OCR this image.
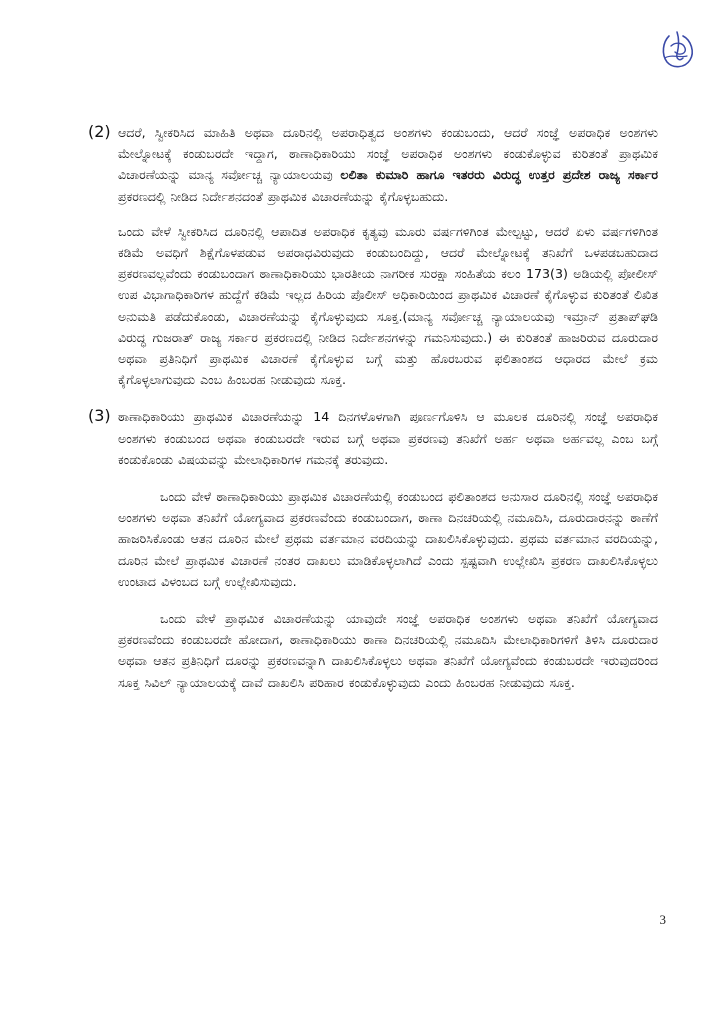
(2) ಆದರೆ, ಸ್ವೀಕರಿಸಿದ ಮಾಹಿತಿ ಅಥವಾ ದೂರಿನಲ್ಲಿ ಅಪರಾಧಿತ್ವದ ಅಂಶಗಳು ಕಂಡುಬಂದು, ಆದರೆ ಸಂಜ್ಞೆ ಅಪರಾಧಿಕ ಅಂಶಗಳು ಮೇಲ್ನೋಟಕ್ಕೆ ಕಂಡುಬರದೇ ಇದ್ದಾಗ, ಠಾಣಾಧಿಕಾರಿಯು ಸಂಜ್ಞೆ ಅಪರಾಧಿಕ ಅಂಶಗಳು ಕಂಡುಕೊಳ್ಳುವ ಕುರಿತಂತೆ ಪ್ರಾಥಮಿಕ ವಿಚಾರಣೆಯನ್ನು ಮಾನ್ಯ ಸರ್ವೋಚ್ಚ ನ್ಯಾಯಾಲಯವು ಲಲಿತಾ ಕುಮಾರಿ ಹಾಗೂ ಇತರರು ವಿರುದ್ಧ ಉತ್ತರ ಪ್ರದೇಶ ರಾಜ್ಯ ಸರ್ಕಾರ ಪ್ರಕರಣದಲ್ಲಿ ನೀಡಿದ ನಿರ್ದೇಶನದಂತೆ ಪ್ರಾಥಮಿಕ ವಿಚಾರಣೆಯನ್ನು ಕೈಗೊಳ್ಳಬಹುದು.

ಒಂದು ವೇಳೆ ಸ್ವೀಕರಿಸಿದ ದೂರಿನಲ್ಲಿ ಆಪಾದಿತ ಅಪರಾಧಿಕ ಕೃತ್ಯವು ಮೂರು ವರ್ಷಗಳಿಗಿಂತ ಮೇಲ್ಪಟ್ಟು, ಆದರೆ ಏಳು ವರ್ಷಗಳಿಗಿಂತ ಕಡಿಮೆ ಅವಧಿಗೆ ಶಿಕ್ಷೆಗೊಳಪಡುವ ಅಪರಾಧವಿರುವುದು ಕಂಡುಬಂದಿದ್ದು, ಆದರೆ ಮೇಲ್ನೋಟಕ್ಕೆ ತನಿಖೆಗೆ ಒಳಪಡಬಹುದಾದ ಪ್ರಕರಣವಲ್ಲವೆಂದು ಕಂಡುಬಂದಾಗ ಠಾಣಾಧಿಕಾರಿಯು ಭಾರತೀಯ ನಾಗರೀಕ ಸುರಕ್ಷಾ ಸಂಹಿತೆಯ ಕಲಂ 173(3) ಅಡಿಯಲ್ಲಿ ಪೋಲೀಸ್ ಉಪ ವಿಭಾಗಾಧಿಕಾರಿಗಳ ಹುದ್ದೆಗೆ ಕಡಿಮೆ ಇಲ್ಲದ ಹಿರಿಯ ಪೊಲೀಸ್ ಅಧಿಕಾರಿಯಿಂದ ಪ್ರಾಥಮಿಕ ವಿಚಾರಣೆ ಕೈಗೊಳ್ಳುವ ಕುರಿತಂತೆ ಲಿಖಿತ ಅನುಮತಿ ಪಡೆದುಕೊಂಡು, ವಿಚಾರಣೆಯನ್ನು ಕೈಗೊಳ್ಳುವುದು ಸೂಕ್ತ.(ಮಾನ್ಯ ಸರ್ವೋಚ್ಚ ನ್ಯಾಯಾಲಯವು ಇಮ್ರಾನ್ ಪ್ರತಾಪ್‌ಘಡಿ ವಿರುದ್ಧ ಗುಜರಾತ್ ರಾಜ್ಯ ಸರ್ಕಾರ ಪ್ರಕರಣದಲ್ಲಿ ನೀಡಿದ ನಿರ್ದೇಶನಗಳನ್ನು ಗಮನಿಸುವುದು.) ಈ ಕುರಿತಂತೆ ಹಾಜರಿರುವ ದೂರುದಾರ ಅಥವಾ ಪ್ರತಿನಿಧಿಗೆ ಪ್ರಾಥಮಿಕ ವಿಚಾರಣೆ ಕೈಗೊಳ್ಳುವ ಬಗ್ಗೆ ಮತ್ತು ಹೊರಬರುವ ಫಲಿತಾಂಶದ ಆಧಾರದ ಮೇಲೆ ಕ್ರಮ ಕೈಗೊಳ್ಳಲಾಗುವುದು ಎಂಬ ಹಿಂಬರಹ ನೀಡುವುದು ಸೂಕ್ತ.

(3) ಠಾಣಾಧಿಕಾರಿಯು ಪ್ರಾಥಮಿಕ ವಿಚಾರಣೆಯನ್ನು 14 ದಿನಗಳೊಳಗಾಗಿ ಪೂರ್ಣಗೊಳಿಸಿ ಆ ಮೂಲಕ ದೂರಿನಲ್ಲಿ ಸಂಜ್ಞೆ ಅಪರಾಧಿಕ ಅಂಶಗಳು ಕಂಡುಬಂದ ಅಥವಾ ಕಂಡುಬರದೇ ಇರುವ ಬಗ್ಗೆ ಅಥವಾ ಪ್ರಕರಣವು ತನಿಖೆಗೆ ಅರ್ಹ ಅಥವಾ ಅರ್ಹವಲ್ಲ ಎಂಬ ಬಗ್ಗೆ ಕಂಡುಕೊಂಡು ವಿಷಯವನ್ನು ಮೇಲಾಧಿಕಾರಿಗಳ ಗಮನಕ್ಕೆ ತರುವುದು.

ಒಂದು ವೇಳೆ ಠಾಣಾಧಿಕಾರಿಯು ಪ್ರಾಥಮಿಕ ವಿಚಾರಣೆಯಲ್ಲಿ ಕಂಡುಬಂದ ಫಲಿತಾಂಶದ ಅನುಸಾರ ದೂರಿನಲ್ಲಿ ಸಂಜ್ಞೆ ಅಪರಾಧಿಕ ಅಂಶಗಳು ಅಥವಾ ತನಿಖೆಗೆ ಯೋಗ್ಯವಾದ ಪ್ರಕರಣವೆಂದು ಕಂಡುಬಂದಾಗ, ಠಾಣಾ ದಿನಚರಿಯಲ್ಲಿ ನಮೂದಿಸಿ, ದೂರುದಾರನನ್ನು ಠಾಣೆಗೆ ಹಾಜರಿಸಿಕೊಂಡು ಆತನ ದೂರಿನ ಮೇಲೆ ಪ್ರಥಮ ವರ್ತಮಾನ ವರದಿಯನ್ನು ದಾಖಲಿಸಿಕೊಳ್ಳುವುದು. ಪ್ರಥಮ ವರ್ತಮಾನ ವರದಿಯನ್ನು, ದೂರಿನ ಮೇಲೆ ಪ್ರಾಥಮಿಕ ವಿಚಾರಣೆ ನಂತರ ದಾಖಲು ಮಾಡಿಕೊಳ್ಳಲಾಗಿದೆ ಎಂದು ಸ್ಪಷ್ಟವಾಗಿ ಉಲ್ಲೇಖಿಸಿ ಪ್ರಕರಣ ದಾಖಲಿಸಿಕೊಳ್ಳಲು ಉಂಟಾದ ವಿಳಂಬದ ಬಗ್ಗೆ ಉಲ್ಲೇಖಿಸುವುದು.

ಒಂದು ವೇಳೆ ಪ್ರಾಥಮಿಕ ವಿಚಾರಣೆಯನ್ನು ಯಾವುದೇ ಸಂಜ್ಞೆ ಅಪರಾಧಿಕ ಅಂಶಗಳು ಅಥವಾ ತನಿಖೆಗೆ ಯೋಗ್ಯವಾದ ಪ್ರಕರಣವೆಂದು ಕಂಡುಬರದೇ ಹೋದಾಗ, ಠಾಣಾಧಿಕಾರಿಯು ಠಾಣಾ ದಿನಚರಿಯಲ್ಲಿ ನಮೂದಿಸಿ ಮೇಲಾಧಿಕಾರಿಗಳಿಗೆ ತಿಳಿಸಿ ದೂರುದಾರ ಅಥವಾ ಆತನ ಪ್ರತಿನಿಧಿಗೆ ದೂರನ್ನು ಪ್ರಕರಣವನ್ನಾಗಿ ದಾಖಲಿಸಿಕೊಳ್ಳಲು ಅಥವಾ ತನಿಖೆಗೆ ಯೋಗ್ಯವೆಂದು ಕಂಡುಬರದೇ ಇರುವುದರಿಂದ ಸೂಕ್ತ ಸಿವಿಲ್ ನ್ಯಾಯಾಲಯಕ್ಕೆ ದಾವೆ ದಾಖಲಿಸಿ ಪರಿಹಾರ ಕಂಡುಕೊಳ್ಳುವುದು ಎಂದು ಹಿಂಬರಹ ನೀಡುವುದು ಸೂಕ್ತ.

3
